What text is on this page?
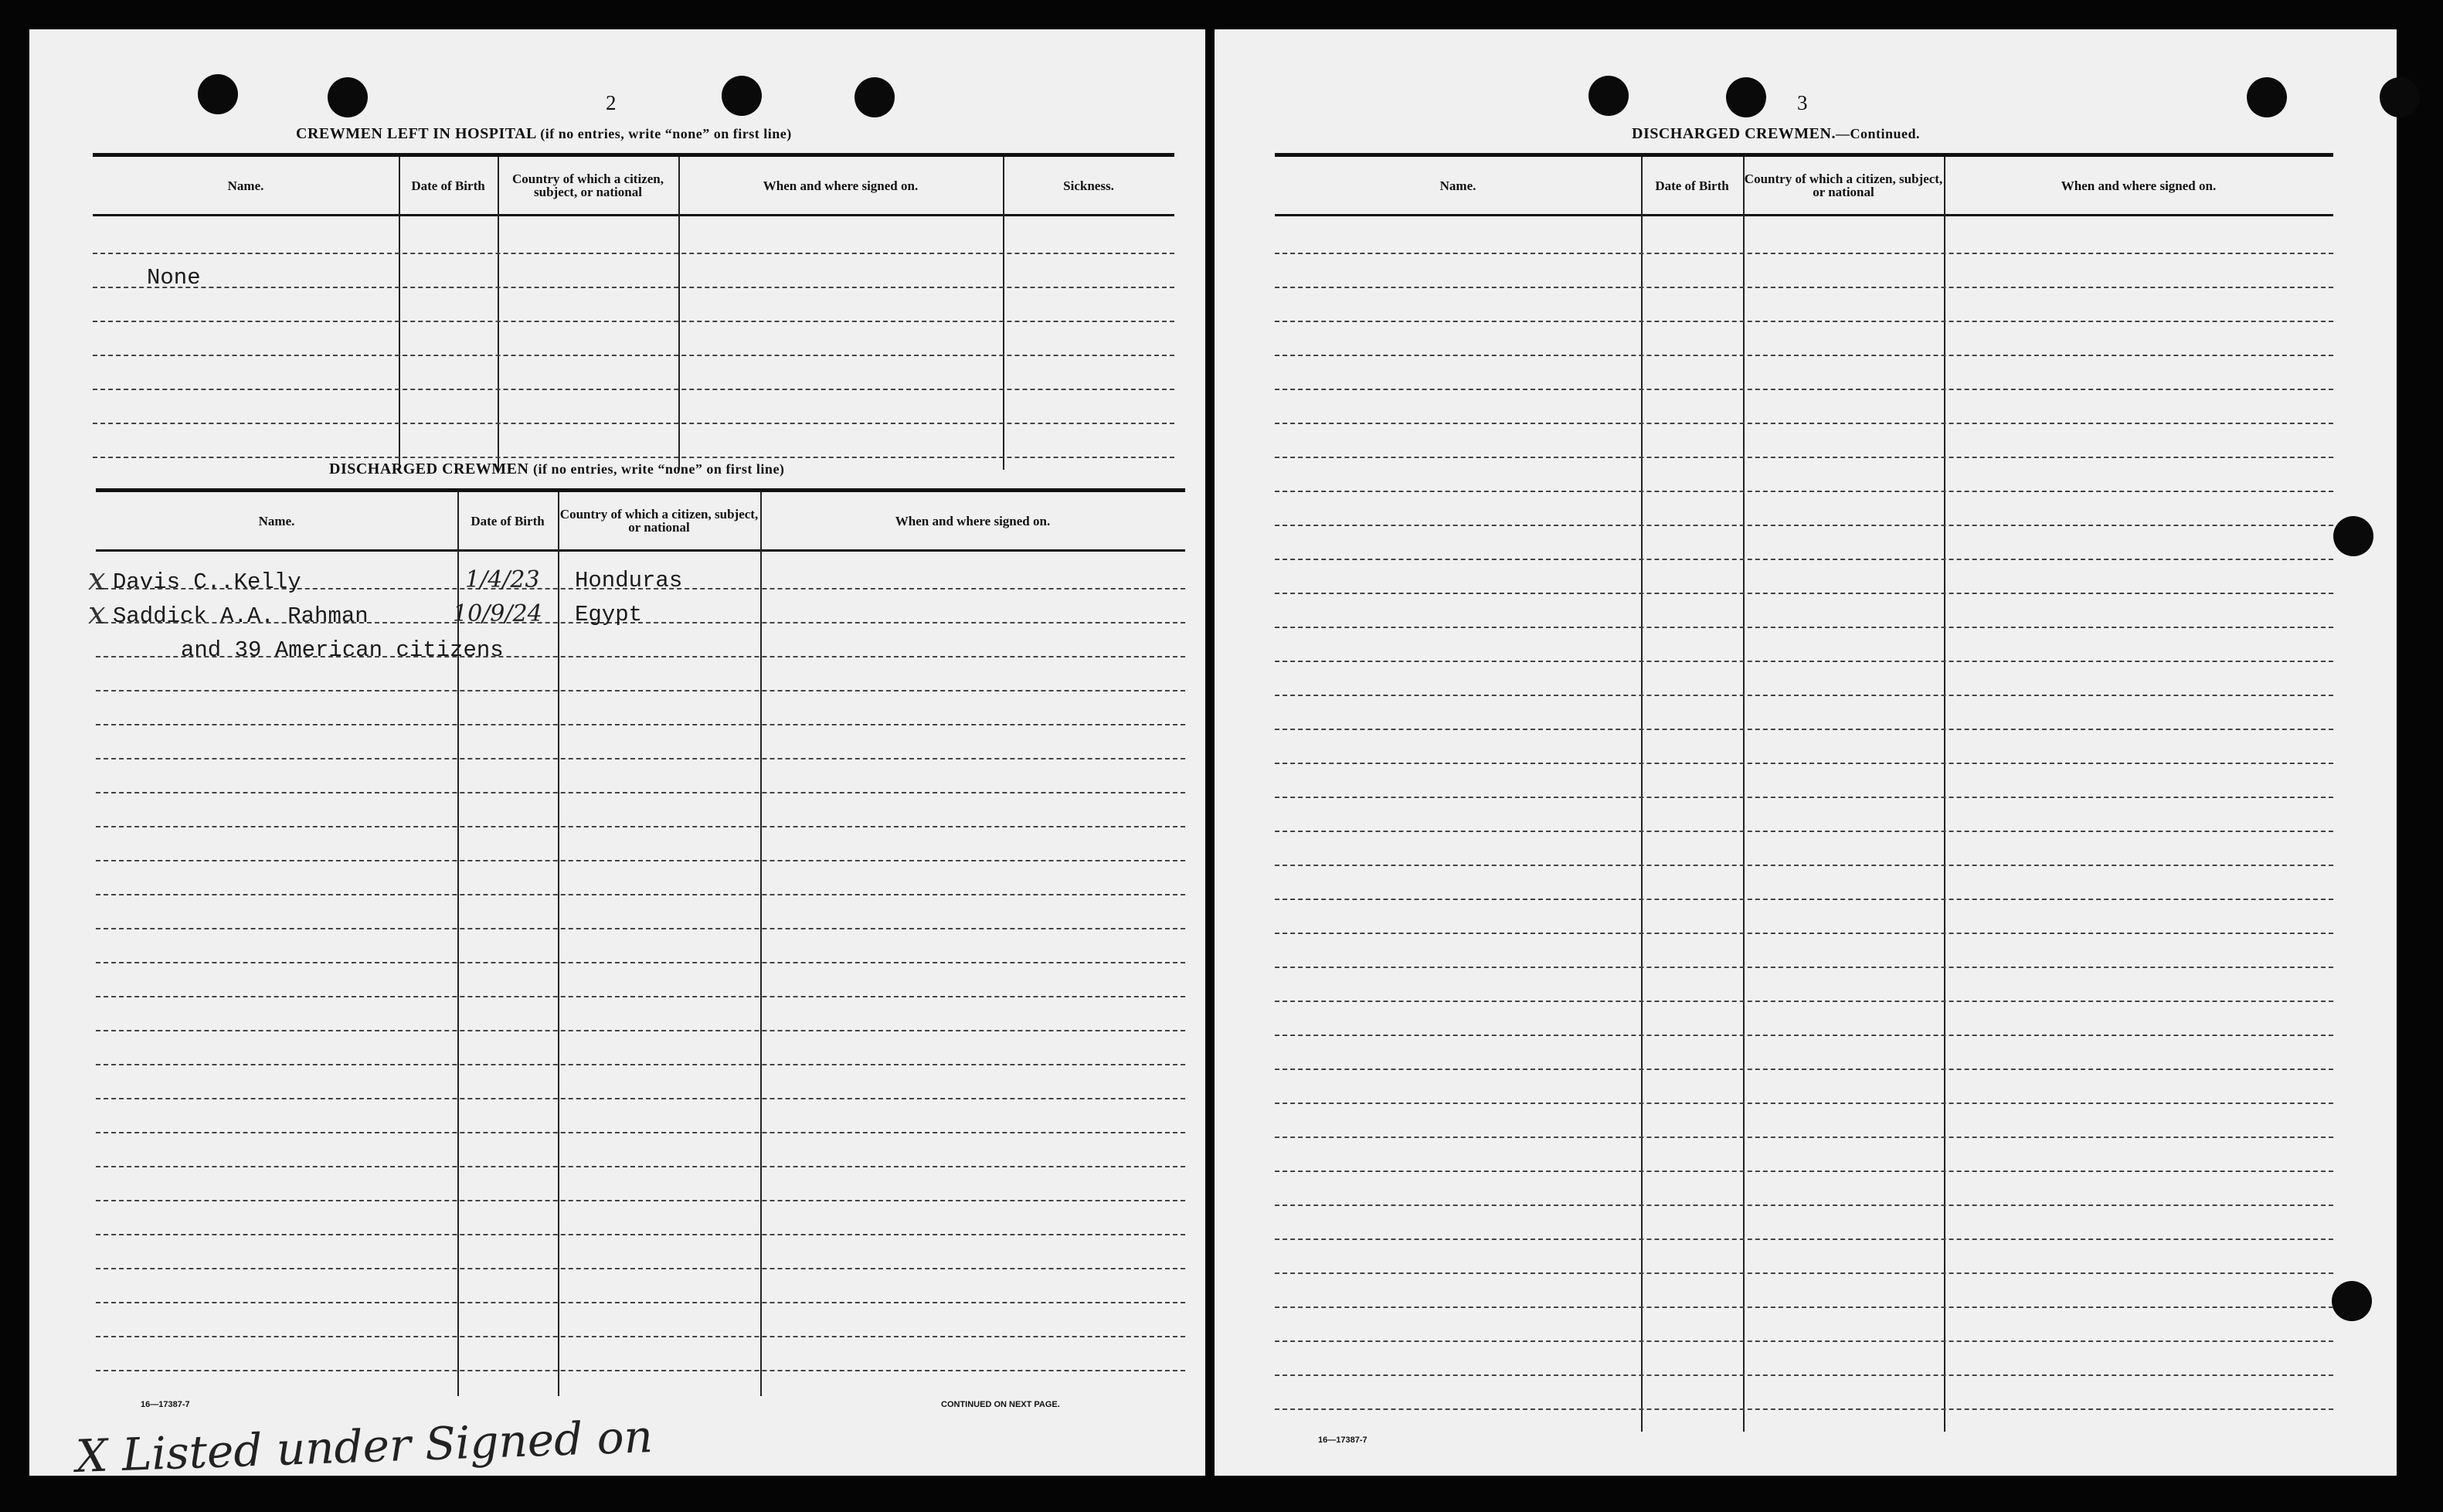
2
CREWMEN LEFT IN HOSPITAL (if no entries, write “none” on first line)
Name.	Date of Birth	Country of which a citizen, subject, or national	When and where signed on.	Sickness.
None
DISCHARGED CREWMEN (if no entries, write “none” on first line)
Name.	Date of Birth	Country of which a citizen, subject, or national	When and where signed on.
x
x
Davis C..Kelly	1/4/23 Honduras
Saddick A.A. Rahman	10/9/24 Egypt
and 39 American citizens
16—17387-7	CONTINUED ON NEXT PAGE.
X Listed under Signed on
3
DISCHARGED CREWMEN.—Continued.
Name.	Date of Birth	Country of which a citizen, subject, or national	When and where signed on.
16—17387-7
